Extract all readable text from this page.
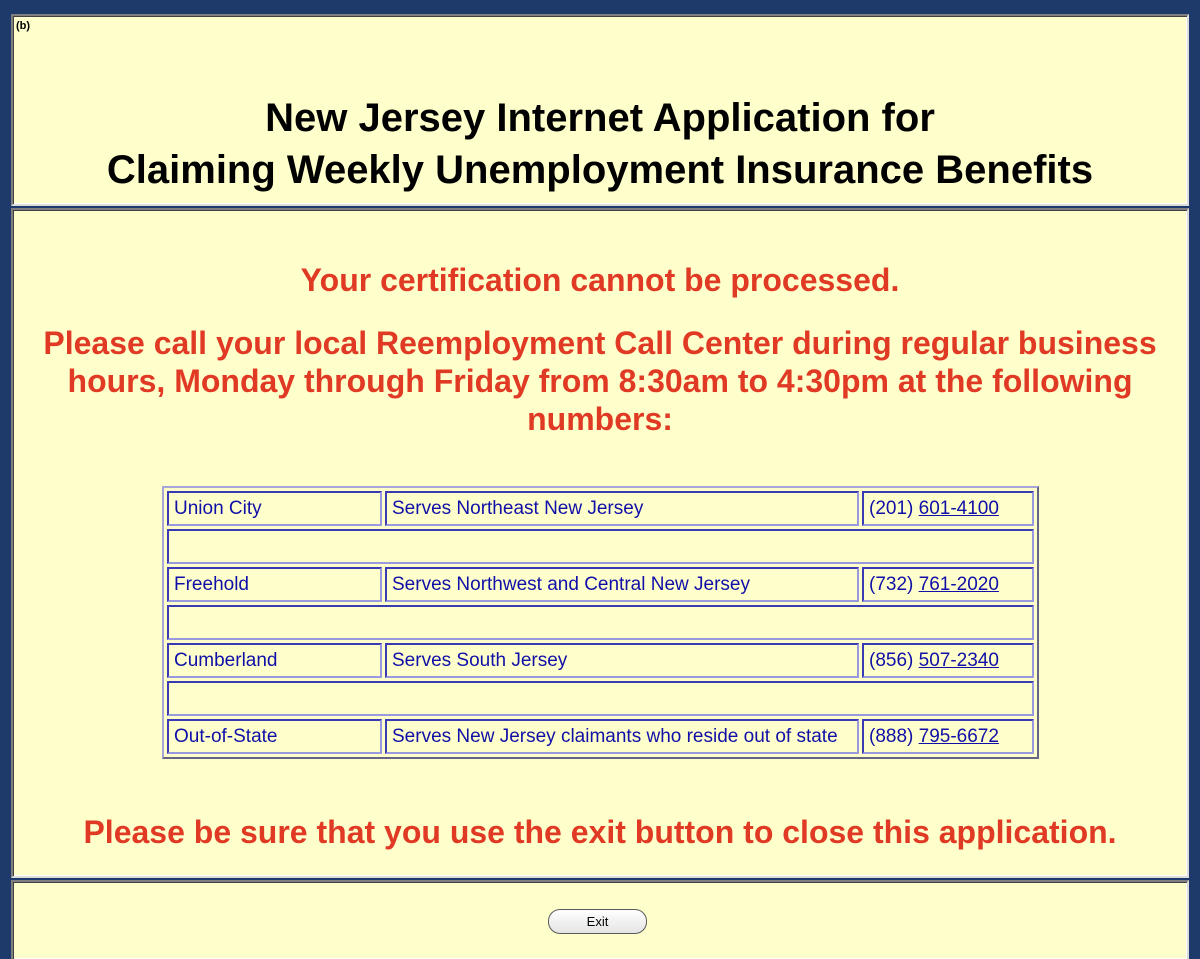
(b)
New Jersey Internet Application for
Claiming Weekly Unemployment Insurance Benefits
Your certification cannot be processed.
Please call your local Reemployment Call Center during regular business hours, Monday through Friday from 8:30am to 4:30pm at the following numbers:
Union City	Serves Northeast New Jersey	(201) 601-4100

Freehold	Serves Northwest and Central New Jersey	(732) 761-2020

Cumberland	Serves South Jersey	(856) 507-2340

Out-of-State	Serves New Jersey claimants who reside out of state	(888) 795-6672
Please be sure that you use the exit button to close this application.
Exit
